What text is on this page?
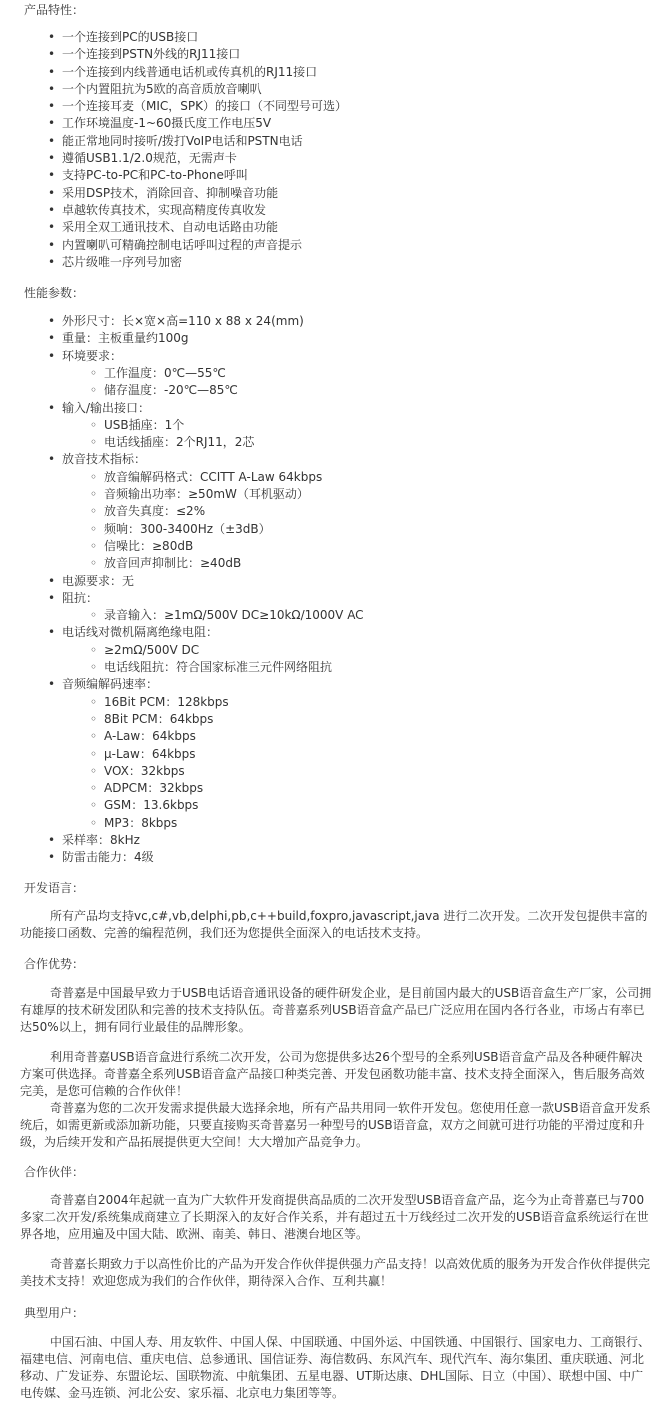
产品特性：
• 一个连接到PC的USB接口
• 一个连接到PSTN外线的RJ11接口
• 一个连接到内线普通电话机或传真机的RJ11接口
• 一个内置阻抗为5欧的高音质放音喇叭
• 一个连接耳麦（MIC，SPK）的接口（不同型号可选）
• 工作环境温度-1~60摄氏度工作电压5V
• 能正常地同时接听/拨打VoIP电话和PSTN电话
• 遵循USB1.1/2.0规范，无需声卡
• 支持PC-to-PC和PC-to-Phone呼叫
• 采用DSP技术，消除回音、抑制噪音功能
• 卓越软传真技术，实现高精度传真收发
• 采用全双工通讯技术、自动电话路由功能
• 内置喇叭可精确控制电话呼叫过程的声音提示
• 芯片级唯一序列号加密
性能参数：
• 外形尺寸：长×宽×高=110 x 88 x 24(mm)
• 重量：主板重量约100g
• 环境要求：
◦ 工作温度：0℃—55℃
◦ 储存温度：-20℃—85℃
• 输入/输出接口：
◦ USB插座：1个
◦ 电话线插座：2个RJ11，2芯
• 放音技术指标：
◦ 放音编解码格式：CCITT A-Law 64kbps
◦ 音频输出功率：≥50mW（耳机驱动）
◦ 放音失真度：≤2%
◦ 频响：300-3400Hz（±3dB）
◦ 信噪比：≥80dB
◦ 放音回声抑制比：≥40dB
• 电源要求：无
• 阻抗：
◦ 录音输入：≥1mΩ/500V DC≥10kΩ/1000V AC
• 电话线对微机隔离绝缘电阻：
◦ ≥2mΩ/500V DC
◦ 电话线阻抗：符合国家标准三元件网络阻抗
• 音频编解码速率：
◦ 16Bit PCM：128kbps
◦ 8Bit PCM：64kbps
◦ A-Law：64kbps
◦ μ-Law：64kbps
◦ VOX：32kbps
◦ ADPCM：32kbps
◦ GSM：13.6kbps
◦ MP3：8kbps
• 采样率：8kHz
• 防雷击能力：4级
开发语言：
所有产品均支持vc,c#,vb,delphi,pb,c++build,foxpro,javascript,java 进行二次开发。二次开发包提供丰富的功能接口函数、完善的编程范例，我们还为您提供全面深入的电话技术支持。
合作优势：
奇普嘉是中国最早致力于USB电话语音通讯设备的硬件研发企业，是目前国内最大的USB语音盒生产厂家，公司拥有雄厚的技术研发团队和完善的技术支持队伍。奇普嘉系列USB语音盒产品已广泛应用在国内各行各业，市场占有率已达50%以上，拥有同行业最佳的品牌形象。
利用奇普嘉USB语音盒进行系统二次开发，公司为您提供多达26个型号的全系列USB语音盒产品及各种硬件解决方案可供选择。奇普嘉全系列USB语音盒产品接口种类完善、开发包函数功能丰富、技术支持全面深入，售后服务高效完美，是您可信赖的合作伙伴！
奇普嘉为您的二次开发需求提供最大选择余地，所有产品共用同一软件开发包。您使用任意一款USB语音盒开发系统后，如需更新或添加新功能，只要直接购买奇普嘉另一种型号的USB语音盒，双方之间就可进行功能的平滑过度和升级，为后续开发和产品拓展提供更大空间！大大增加产品竞争力。
合作伙伴：
奇普嘉自2004年起就一直为广大软件开发商提供高品质的二次开发型USB语音盒产品，迄今为止奇普嘉已与700多家二次开发/系统集成商建立了长期深入的友好合作关系，并有超过五十万线经过二次开发的USB语音盒系统运行在世界各地，应用遍及中国大陆、欧洲、南美、韩日、港澳台地区等。
奇普嘉长期致力于以高性价比的产品为开发合作伙伴提供强力产品支持！以高效优质的服务为开发合作伙伴提供完美技术支持！欢迎您成为我们的合作伙伴，期待深入合作、互利共赢！
典型用户：
中国石油、中国人寿、用友软件、中国人保、中国联通、中国外运、中国铁通、中国银行、国家电力、工商银行、福建电信、河南电信、重庆电信、总参通讯、国信证券、海信数码、东风汽车、现代汽车、海尔集团、重庆联通、河北移动、广发证券、东盟论坛、国联物流、中航集团、五星电器、UT斯达康、DHL国际、日立（中国）、联想中国、中广电传媒、金马连锁、河北公安、家乐福、北京电力集团等等。
